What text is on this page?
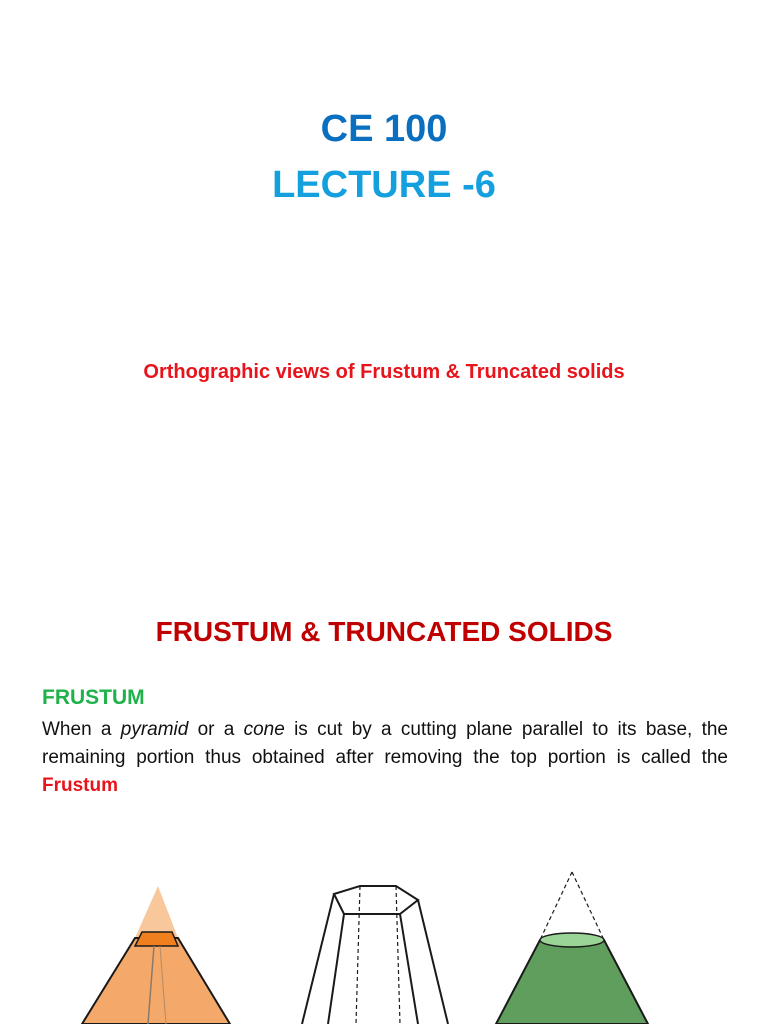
CE 100
LECTURE -6

Orthographic views of Frustum & Truncated solids

FRUSTUM & TRUNCATED SOLIDS
FRUSTUM

When a pyramid or a cone is cut by a cutting plane parallel to its base, the remaining portion thus obtained after removing the top portion is called the Frustum
